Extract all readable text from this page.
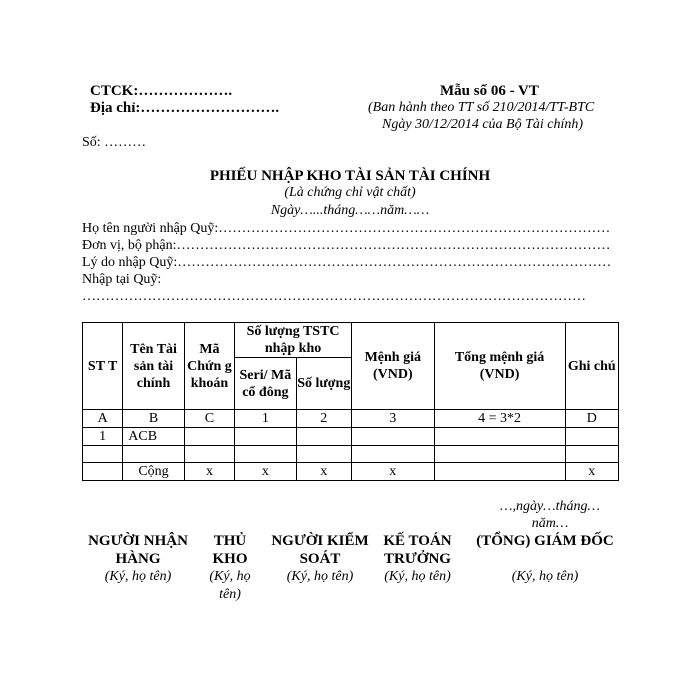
CTCK:……………….
Địa chỉ:……………………….
Số: ………
Mẫu số 06 - VT
(Ban hành theo TT số 210/2014/TT-BTC
Ngày 30/12/2014 của Bộ Tài chính)
PHIẾU NHẬP KHO TÀI SẢN TÀI CHÍNH
(Là chứng chỉ vật chất)
Ngày…...tháng……năm……
Họ tên người nhập Quỹ:…………………………………………………………………………
Đơn vị, bộ phận:…………………………………………………………………………………
Lý do nhập Quỹ:…………………………………………………………………………………
Nhập tại Quỹ:
………………………………………………………………………………………………
ST T	Tên Tài sản tài chính	Mã Chứn g khoán	Số lượng TSTC nhập kho		Mệnh giá (VND)	Tổng mệnh giá (VND)	Ghi chú
			Seri/ Mã cổ đông	Số lượng			
A	B	C	1	2	3	4 = 3*2	D
1	ACB						

	Cộng	x	x	x	x		x
…,ngày…tháng…
năm…
NGƯỜI NHẬN HÀNG
(Ký, họ tên)
THỦ KHO
(Ký, họ tên)
NGƯỜI KIỂM SOÁT
(Ký, họ tên)
KẾ TOÁN TRƯỞNG
(Ký, họ tên)
(TỔNG) GIÁM ĐỐC
(Ký, họ tên)
